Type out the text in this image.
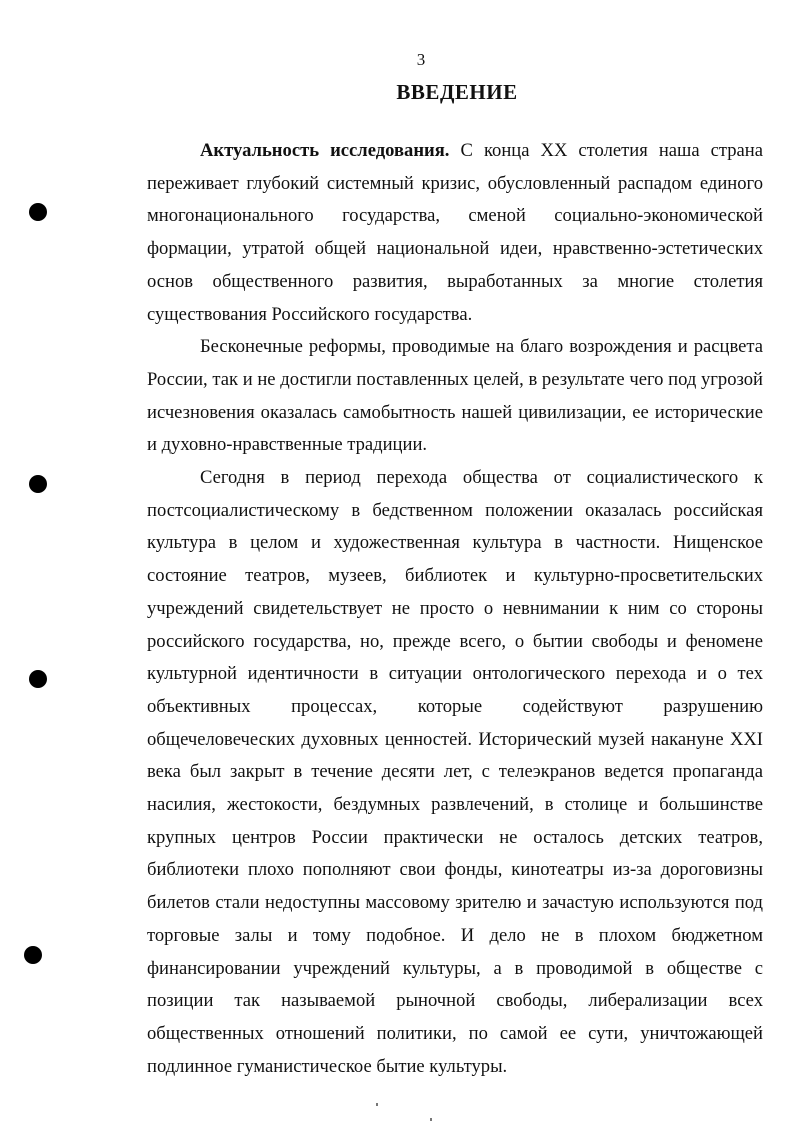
3
ВВЕДЕНИЕ

Актуальность исследования. С конца XX столетия наша страна переживает глубокий системный кризис, обусловленный распадом единого многонационального государства, сменой социально-экономической формации, утратой общей национальной идеи, нравственно-эстетических основ общественного развития, выработанных за многие столетия существования Российского государства.

Бесконечные реформы, проводимые на благо возрождения и расцвета России, так и не достигли поставленных целей, в результате чего под угрозой исчезновения оказалась самобытность нашей цивилизации, ее исторические и духовно-нравственные традиции.

Сегодня в период перехода общества от социалистического к постсоциалистическому в бедственном положении оказалась российская культура в целом и художественная культура в частности. Нищенское состояние театров, музеев, библиотек и культурно-просветительских учреждений свидетельствует не просто о невнимании к ним со стороны российского государства, но, прежде всего, о бытии свободы и феномене культурной идентичности в ситуации онтологического перехода и о тех объективных процессах, которые содействуют разрушению общечеловеческих духовных ценностей. Исторический музей накануне XXI века был закрыт в течение десяти лет, с телеэкранов ведется пропаганда насилия, жестокости, бездумных развлечений, в столице и большинстве крупных центров России практически не осталось детских театров, библиотеки плохо пополняют свои фонды, кинотеатры из-за дороговизны билетов стали недоступны массовому зрителю и зачастую используются под торговые залы и тому подобное. И дело не в плохом бюджетном финансировании учреждений культуры, а в проводимой в обществе с позиции так называемой рыночной свободы, либерализации всех общественных отношений политики, по самой ее сути, уничтожающей подлинное гуманистическое бытие культуры.
